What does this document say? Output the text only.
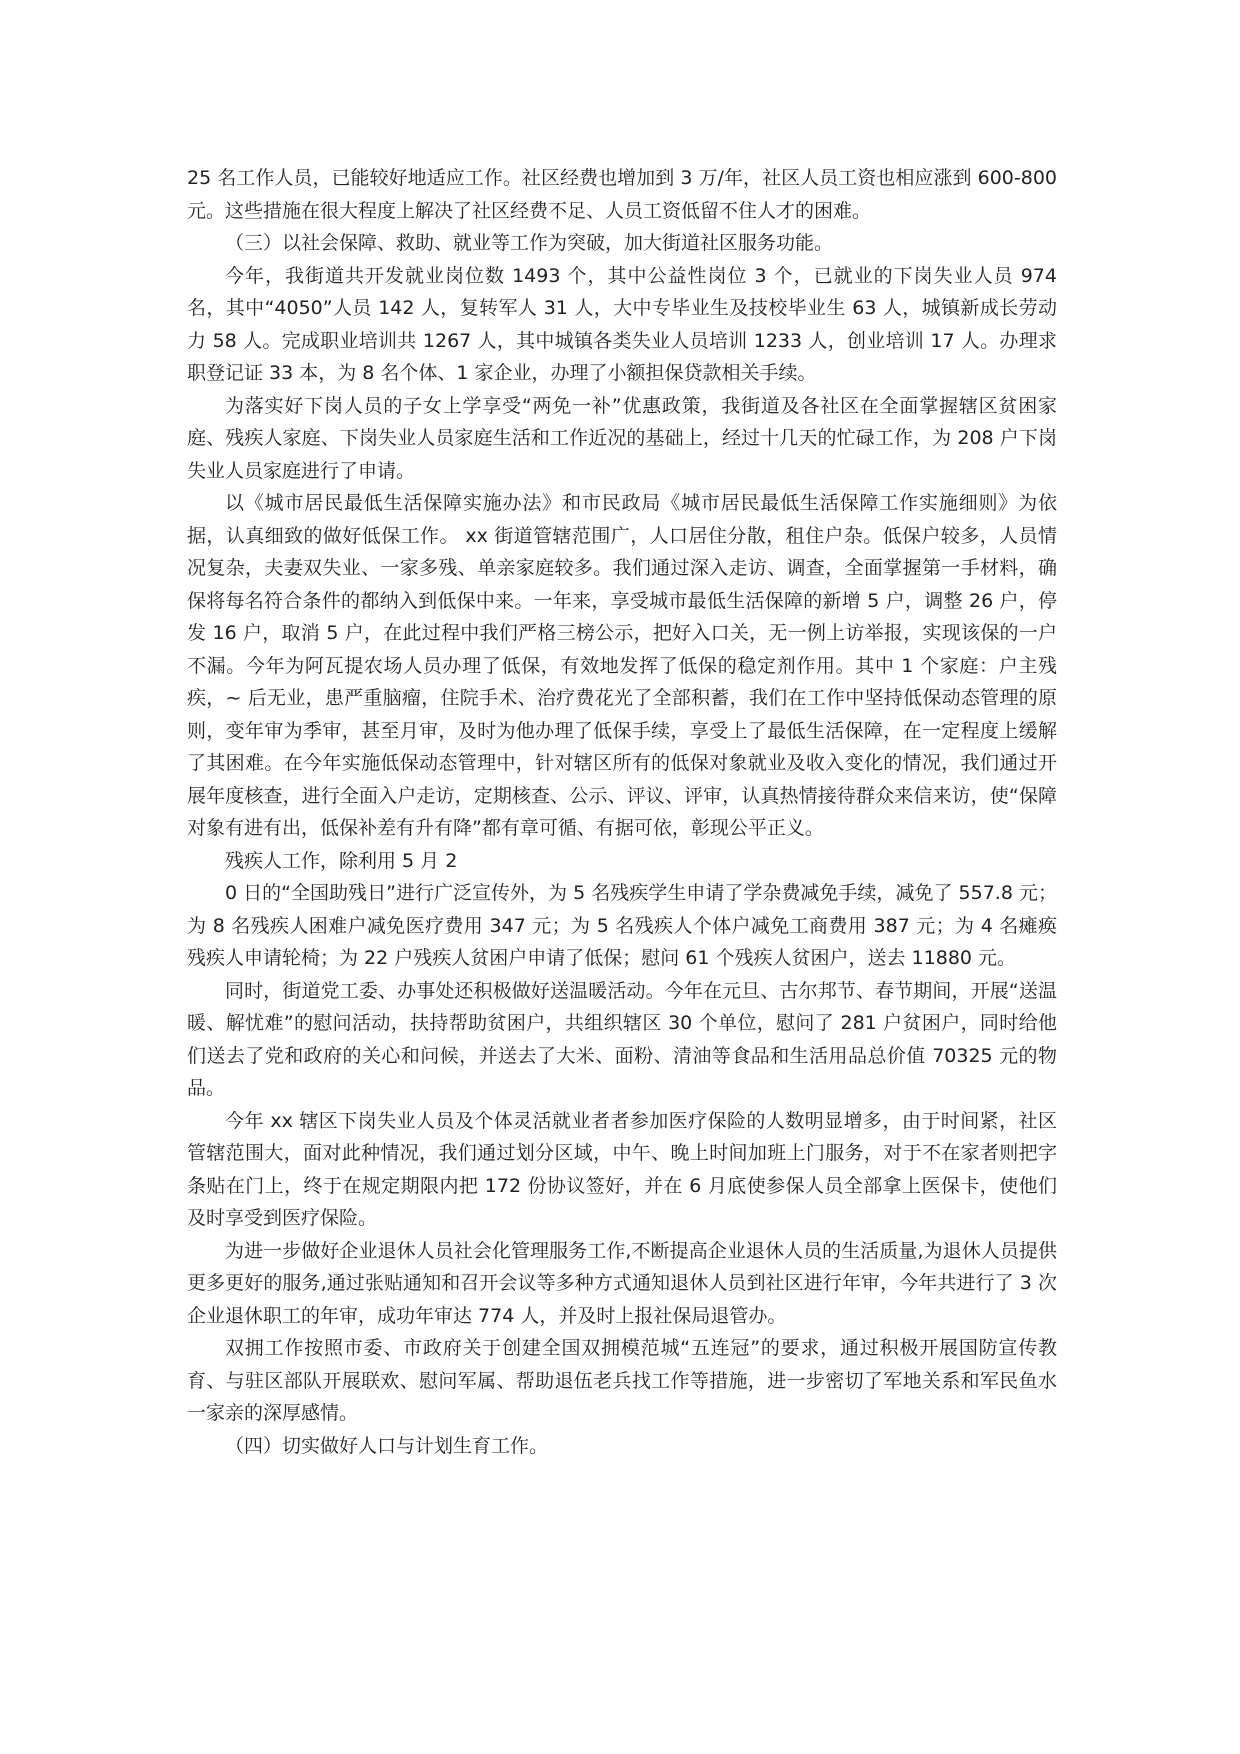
25 名工作人员，已能较好地适应工作。社区经费也增加到 3 万/年，社区人员工资也相应涨到 600-800 元。这些措施在很大程度上解决了社区经费不足、人员工资低留不住人才的困难。

（三）以社会保障、救助、就业等工作为突破，加大街道社区服务功能。

今年，我街道共开发就业岗位数 1493 个，其中公益性岗位 3 个，已就业的下岗失业人员 974 名，其中“4050”人员 142 人，复转军人 31 人，大中专毕业生及技校毕业生 63 人，城镇新成长劳动力 58 人。完成职业培训共 1267 人，其中城镇各类失业人员培训 1233 人，创业培训 17 人。办理求职登记证 33 本，为 8 名个体、1 家企业，办理了小额担保贷款相关手续。

为落实好下岗人员的子女上学享受“两免一补”优惠政策，我街道及各社区在全面掌握辖区贫困家庭、残疾人家庭、下岗失业人员家庭生活和工作近况的基础上，经过十几天的忙碌工作，为 208 户下岗失业人员家庭进行了申请。

以《城市居民最低生活保障实施办法》和市民政局《城市居民最低生活保障工作实施细则》为依据，认真细致的做好低保工作。 xx 街道管辖范围广，人口居住分散，租住户杂。低保户较多，人员情况复杂，夫妻双失业、一家多残、单亲家庭较多。我们通过深入走访、调查，全面掌握第一手材料，确保将每名符合条件的都纳入到低保中来。一年来，享受城市最低生活保障的新增 5 户，调整 26 户，停发 16 户，取消 5 户，在此过程中我们严格三榜公示，把好入口关，无一例上访举报，实现该保的一户不漏。今年为阿瓦提农场人员办理了低保，有效地发挥了低保的稳定剂作用。其中 1 个家庭：户主残疾，~ 后无业，患严重脑瘤，住院手术、治疗费花光了全部积蓄，我们在工作中坚持低保动态管理的原则，变年审为季审，甚至月审，及时为他办理了低保手续，享受上了最低生活保障，在一定程度上缓解了其困难。在今年实施低保动态管理中，针对辖区所有的低保对象就业及收入变化的情况，我们通过开展年度核查，进行全面入户走访，定期核查、公示、评议、评审，认真热情接待群众来信来访，使“保障对象有进有出，低保补差有升有降”都有章可循、有据可依，彰现公平正义。

残疾人工作，除利用 5 月 2

0 日的“全国助残日”进行广泛宣传外，为 5 名残疾学生申请了学杂费减免手续，减免了 557.8 元；为 8 名残疾人困难户减免医疗费用 347 元；为 5 名残疾人个体户减免工商费用 387 元；为 4 名瘫痪残疾人申请轮椅；为 22 户残疾人贫困户申请了低保；慰问 61 个残疾人贫困户，送去 11880 元。

同时，街道党工委、办事处还积极做好送温暖活动。今年在元旦、古尔邦节、春节期间，开展“送温暖、解忧难”的慰问活动，扶持帮助贫困户，共组织辖区 30 个单位，慰问了 281 户贫困户，同时给他们送去了党和政府的关心和问候，并送去了大米、面粉、清油等食品和生活用品总价值 70325 元的物品。

今年 xx 辖区下岗失业人员及个体灵活就业者者参加医疗保险的人数明显增多，由于时间紧，社区管辖范围大，面对此种情况，我们通过划分区域，中午、晚上时间加班上门服务，对于不在家者则把字条贴在门上，终于在规定期限内把 172 份协议签好，并在 6 月底使参保人员全部拿上医保卡，使他们及时享受到医疗保险。

为进一步做好企业退休人员社会化管理服务工作,不断提高企业退休人员的生活质量,为退休人员提供更多更好的服务,通过张贴通知和召开会议等多种方式通知退休人员到社区进行年审，今年共进行了 3 次企业退休职工的年审，成功年审达 774 人，并及时上报社保局退管办。

双拥工作按照市委、市政府关于创建全国双拥模范城“五连冠”的要求，通过积极开展国防宣传教育、与驻区部队开展联欢、慰问军属、帮助退伍老兵找工作等措施，进一步密切了军地关系和军民鱼水一家亲的深厚感情。

（四）切实做好人口与计划生育工作。
